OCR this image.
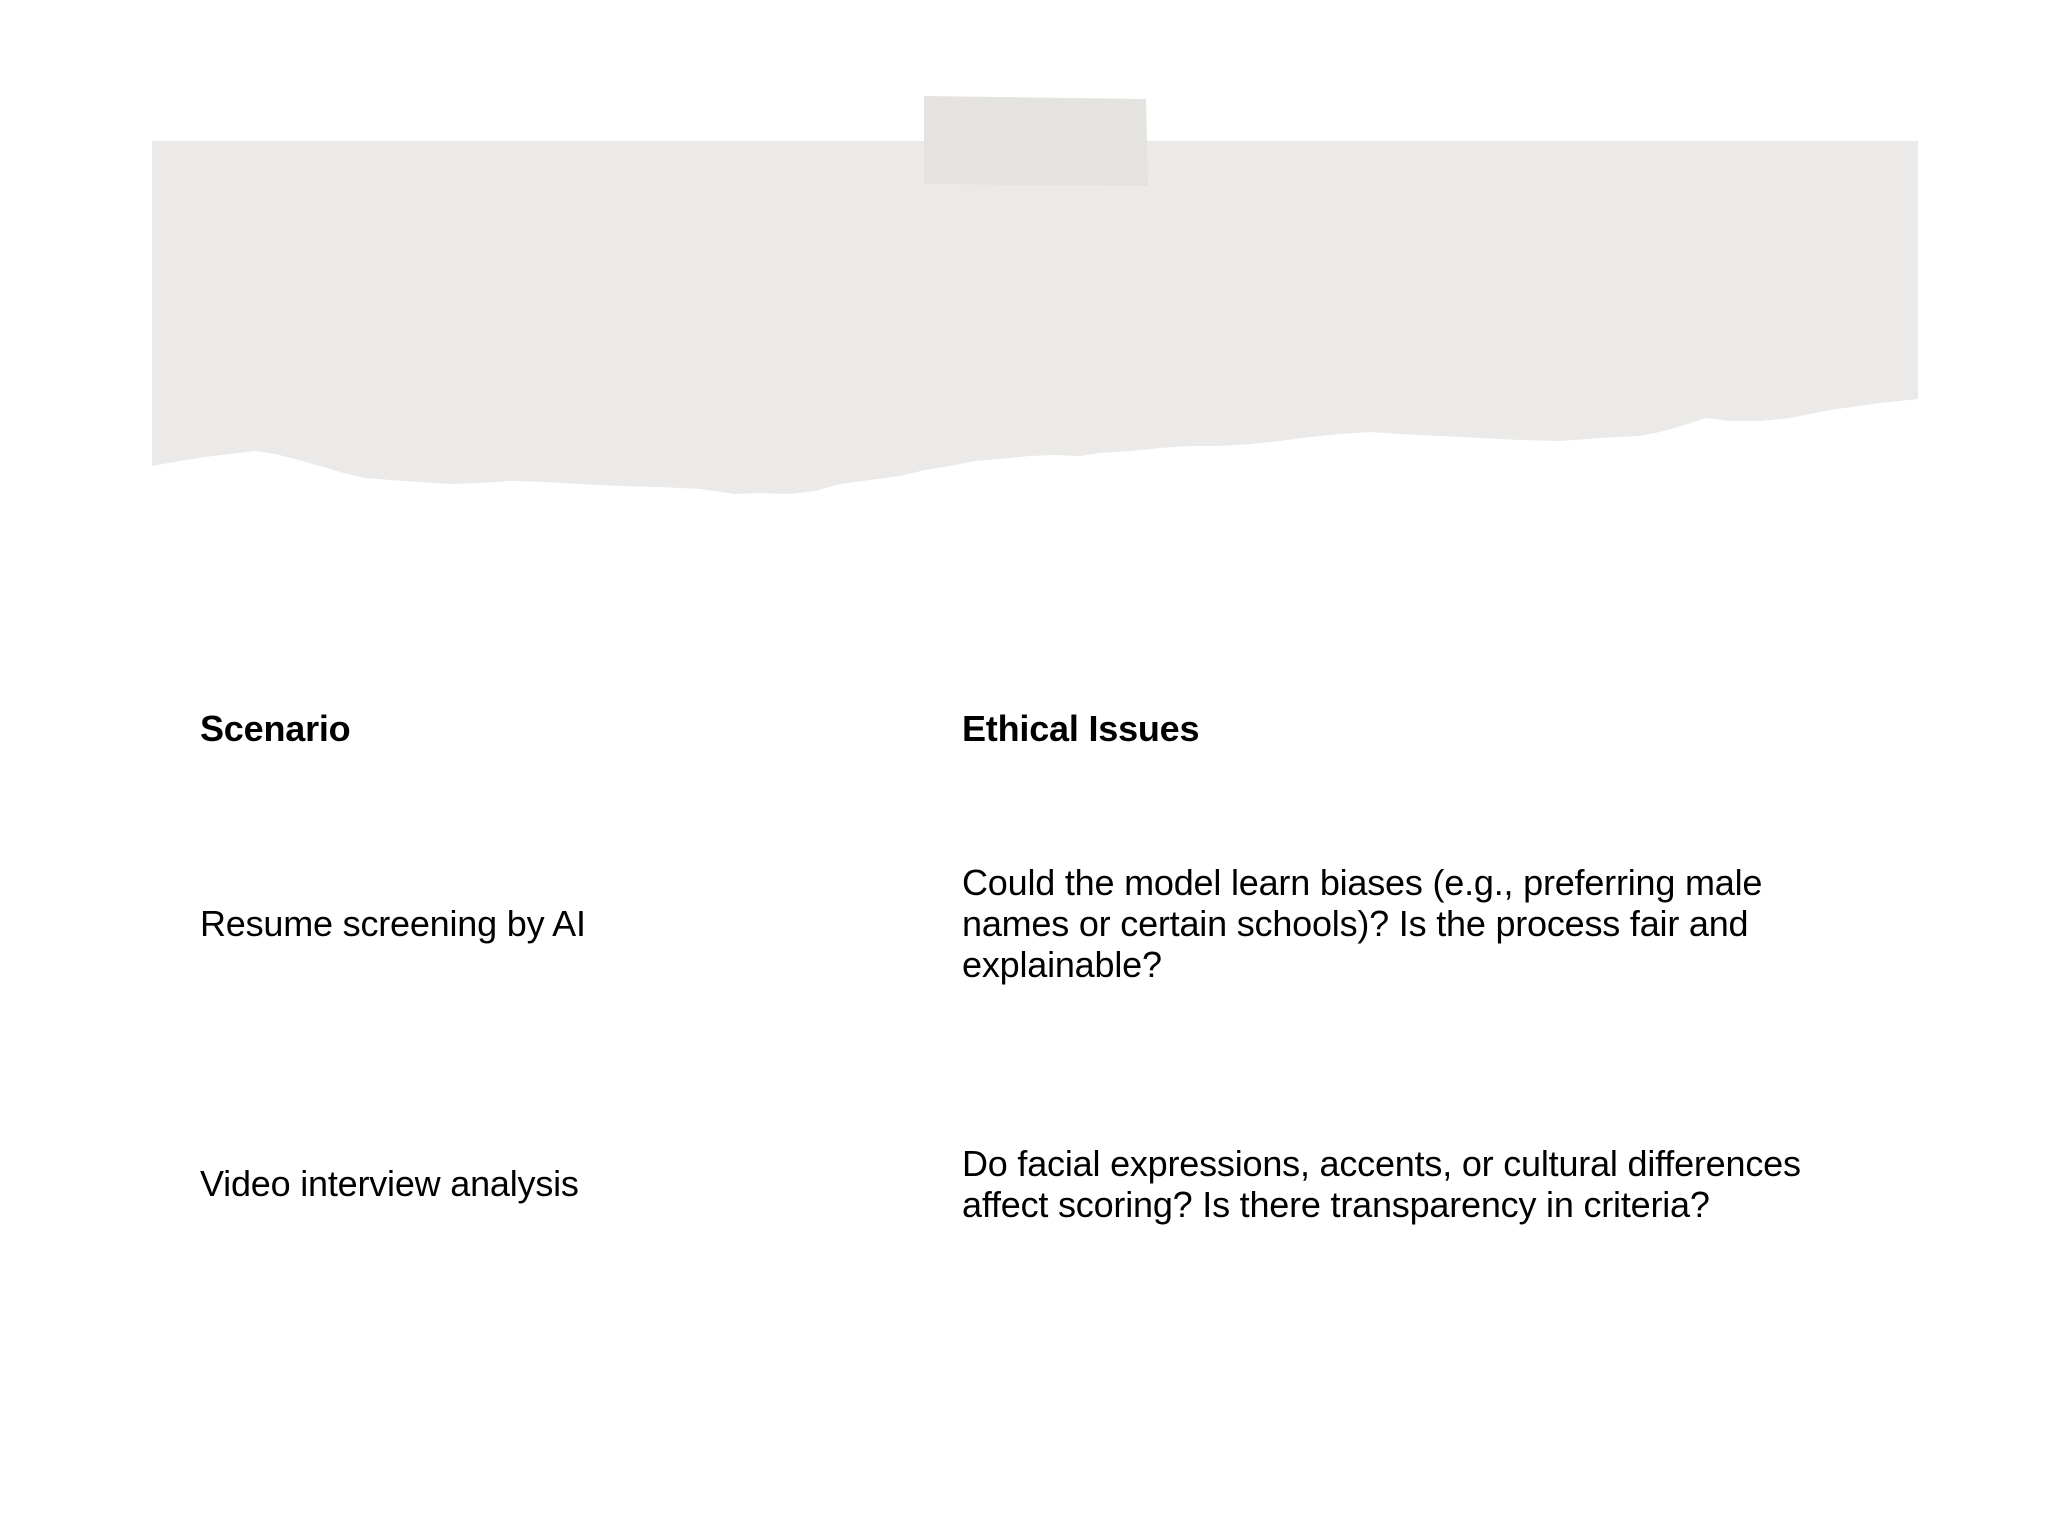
Scenario	Ethical Issues
Resume screening by AI
Could the model learn biases (e.g., preferring male names or certain schools)? Is the process fair and explainable?
Video interview analysis	Do facial expressions, accents, or cultural differences affect scoring? Is there transparency in criteria?
